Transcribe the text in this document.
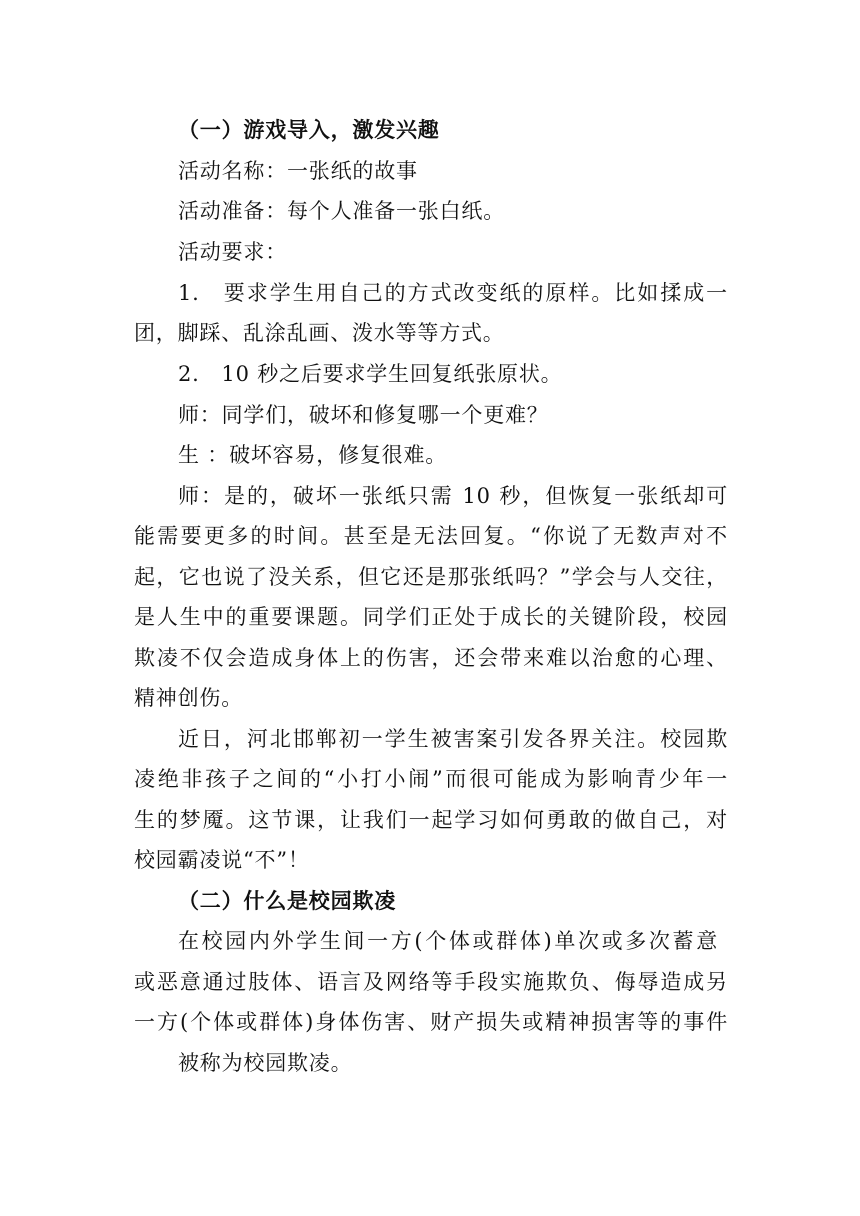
（一）游戏导入，激发兴趣
活动名称：一张纸的故事
活动准备：每个人准备一张白纸。
活动要求：
1.　要求学生用自己的方式改变纸的原样。比如揉成一
团，脚踩、乱涂乱画、泼水等等方式。
2.　10 秒之后要求学生回复纸张原状。
师：同学们，破坏和修复哪一个更难？
生 ：破坏容易，修复很难。
师：是的，破坏一张纸只需 10 秒，但恢复一张纸却可
能需要更多的时间。甚至是无法回复。“你说了无数声对不
起，它也说了没关系，但它还是那张纸吗？”学会与人交往，
是人生中的重要课题。同学们正处于成长的关键阶段，校园
欺凌不仅会造成身体上的伤害，还会带来难以治愈的心理、
精神创伤。
近日，河北邯郸初一学生被害案引发各界关注。校园欺
凌绝非孩子之间的“小打小闹”而很可能成为影响青少年一
生的梦魇。这节课，让我们一起学习如何勇敢的做自己，对
校园霸凌说“不”！
（二）什么是校园欺凌
在校园内外学生间一方(个体或群体)单次或多次蓄意
或恶意通过肢体、语言及网络等手段实施欺负、侮辱造成另
一方(个体或群体)身体伤害、财产损失或精神损害等的事件
被称为校园欺凌。
